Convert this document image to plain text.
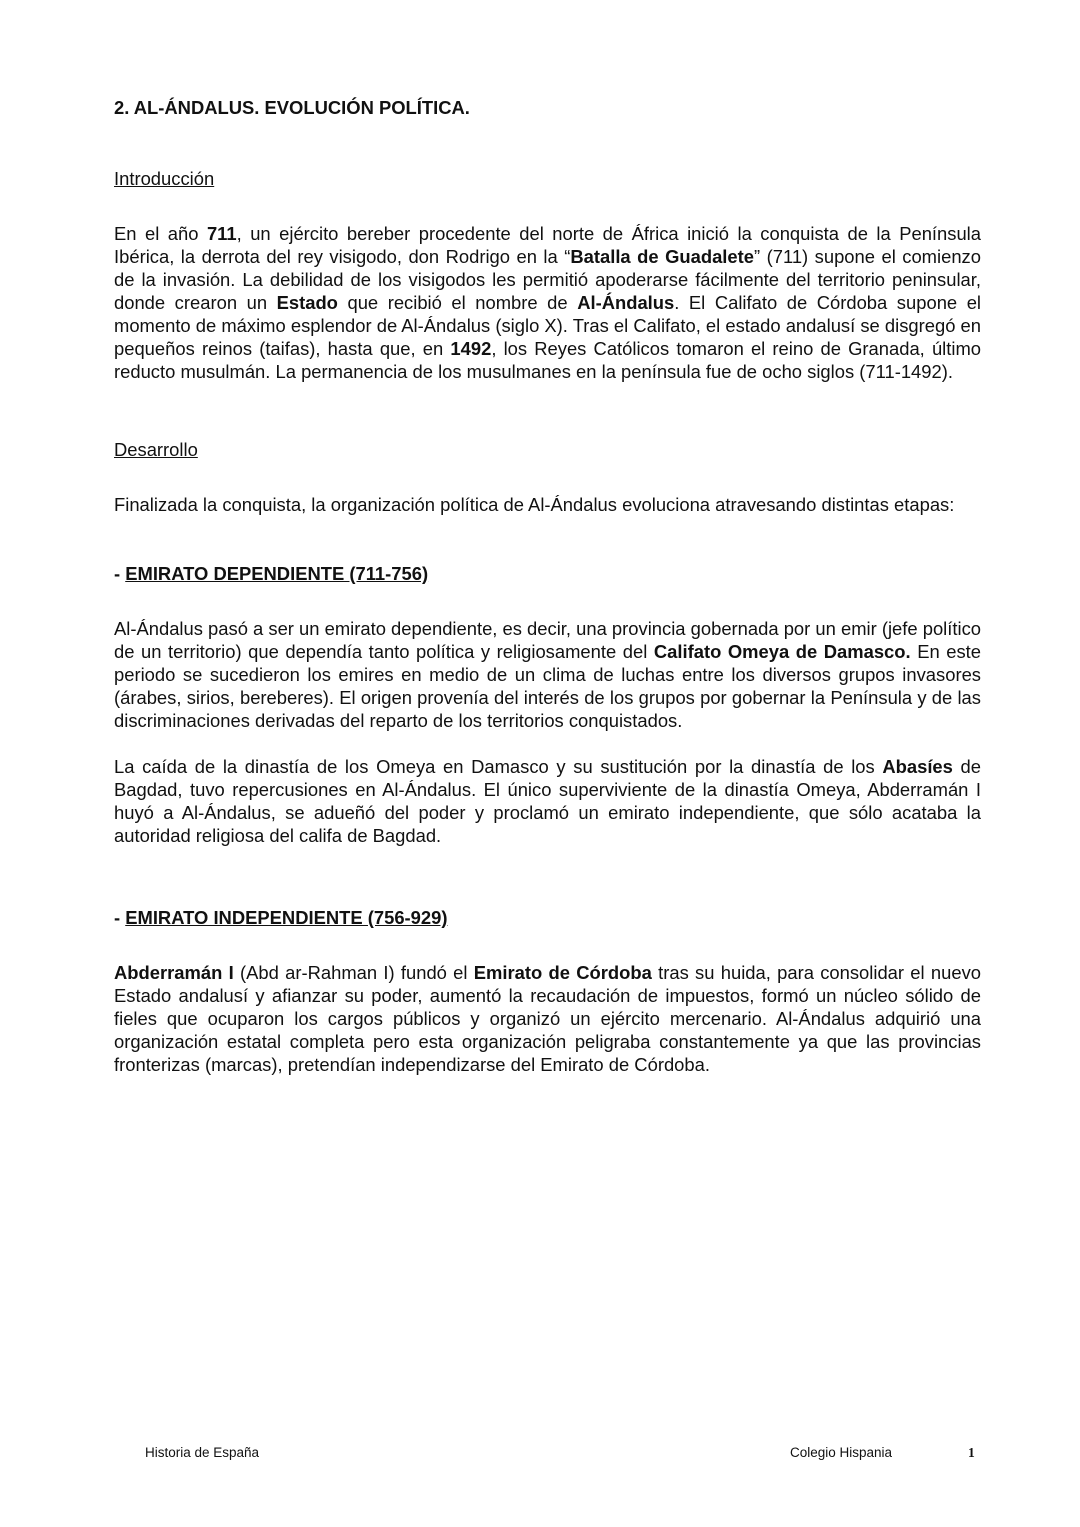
2. AL-ÁNDALUS. EVOLUCIÓN POLÍTICA.

Introducción

En el año 711, un ejército bereber procedente del norte de África inició la conquista de la Península Ibérica, la derrota del rey visigodo, don Rodrigo en la “Batalla de Guadalete” (711) supone el comienzo de la invasión. La debilidad de los visigodos les permitió apoderarse fácilmente del territorio peninsular, donde crearon un Estado que recibió el nombre de Al-Ándalus. El Califato de Córdoba supone el momento de máximo esplendor de Al-Ándalus (siglo X). Tras el Califato, el estado andalusí se disgregó en pequeños reinos (taifas), hasta que, en 1492, los Reyes Católicos tomaron el reino de Granada, último reducto musulmán. La permanencia de los musulmanes en la península fue de ocho siglos (711-1492).

Desarrollo

Finalizada la conquista, la organización política de Al-Ándalus evoluciona atravesando distintas etapas:

- EMIRATO DEPENDIENTE (711-756)

Al-Ándalus pasó a ser un emirato dependiente, es decir, una provincia gobernada por un emir (jefe político de un territorio) que dependía tanto política y religiosamente del Califato Omeya de Damasco. En este periodo se sucedieron los emires en medio de un clima de luchas entre los diversos grupos invasores (árabes, sirios, bereberes). El origen provenía del interés de los grupos por gobernar la Península y de las discriminaciones derivadas del reparto de los territorios conquistados.

La caída de la dinastía de los Omeya en Damasco y su sustitución por la dinastía de los Abasíes de Bagdad, tuvo repercusiones en Al-Ándalus. El único superviviente de la dinastía Omeya, Abderramán I huyó a Al-Ándalus, se adueñó del poder y proclamó un emirato independiente, que sólo acataba la autoridad religiosa del califa de Bagdad.

- EMIRATO INDEPENDIENTE (756-929)

Abderramán I (Abd ar-Rahman I) fundó el Emirato de Córdoba tras su huida, para consolidar el nuevo Estado andalusí y afianzar su poder, aumentó la recaudación de impuestos, formó un núcleo sólido de fieles que ocuparon los cargos públicos y organizó un ejército mercenario. Al-Ándalus adquirió una organización estatal completa pero esta organización peligraba constantemente ya que las provincias fronterizas (marcas), pretendían independizarse del Emirato de Córdoba.

Historia de España	Colegio Hispania	1
